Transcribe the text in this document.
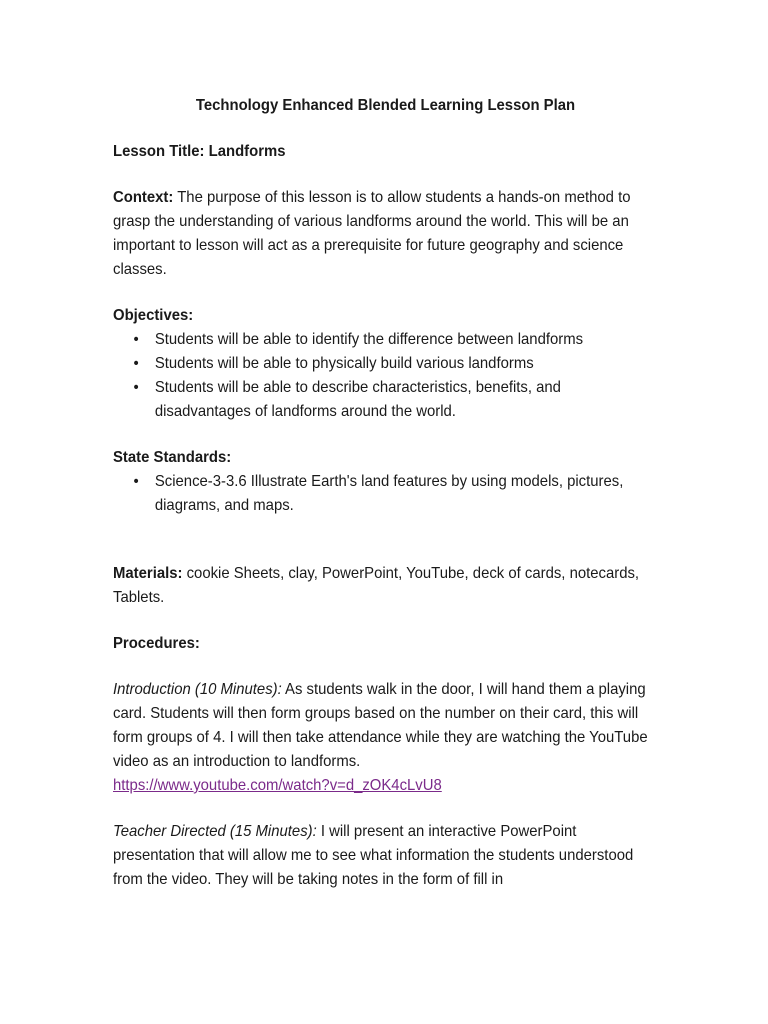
Technology Enhanced Blended Learning Lesson Plan

Lesson Title: Landforms

Context: The purpose of this lesson is to allow students a hands-on method to grasp the understanding of various landforms around the world. This will be an important to lesson will act as a prerequisite for future geography and science classes.

Objectives:

• Students will be able to identify the difference between landforms
• Students will be able to physically build various landforms
• Students will be able to describe characteristics, benefits, and disadvantages of landforms around the world.

State Standards:

• Science-3-3.6 Illustrate Earth's land features by using models, pictures, diagrams, and maps.

Materials: cookie Sheets, clay, PowerPoint, YouTube, deck of cards, notecards, Tablets.

Procedures:

Introduction (10 Minutes): As students walk in the door, I will hand them a playing card. Students will then form groups based on the number on their card, this will form groups of 4. I will then take attendance while they are watching the YouTube video as an introduction to landforms.

https://www.youtube.com/watch?v=d_zOK4cLvU8

Teacher Directed (15 Minutes): I will present an interactive PowerPoint presentation that will allow me to see what information the students understood from the video. They will be taking notes in the form of fill in
